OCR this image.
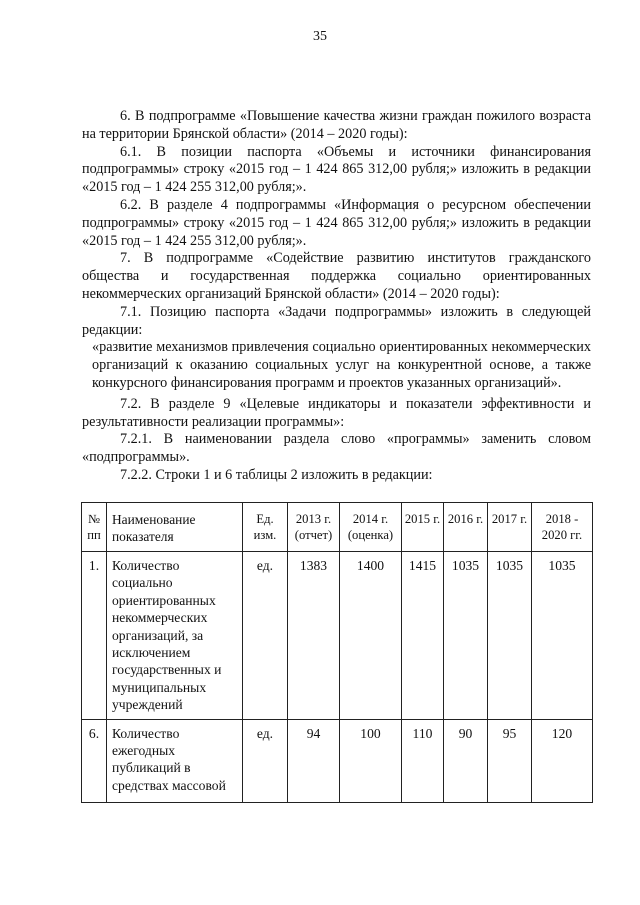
35

6. В подпрограмме «Повышение качества жизни граждан пожилого возраста на территории Брянской области» (2014 – 2020 годы):

6.1. В позиции паспорта «Объемы и источники финансирования подпрограммы» строку «2015 год – 1 424 865 312,00 рубля;» изложить в редакции «2015 год – 1 424 255 312,00 рубля;».

6.2. В разделе 4 подпрограммы «Информация о ресурсном обеспечении подпрограммы» строку «2015 год – 1 424 865 312,00 рубля;» изложить в редакции «2015 год – 1 424 255 312,00 рубля;».

7. В подпрограмме «Содействие развитию институтов гражданского общества и государственная поддержка социально ориентированных некоммерческих организаций Брянской области» (2014 – 2020 годы):

7.1. Позицию паспорта «Задачи подпрограммы» изложить в следующей редакции:

«развитие механизмов привлечения социально ориентированных некоммерческих организаций к оказанию социальных услуг на конкурентной основе, а также конкурсного финансирования программ и проектов указанных организаций».

7.2. В разделе 9 «Целевые индикаторы и показатели эффективности и результативности реализации программы»:

7.2.1. В наименовании раздела слово «программы» заменить словом «подпрограммы».

7.2.2. Строки 1 и 6 таблицы 2 изложить в редакции:

№ пп	Наименование показателя	Ед. изм.	2013 г. (отчет)	2014 г. (оценка)	2015 г.	2016 г.	2017 г.	2018 - 2020 гг.
1.	Количество социально ориентированных некоммерческих организаций, за исключением государственных и муниципальных учреждений	ед.	1383	1400	1415	1035	1035	1035
6.	Количество ежегодных публикаций в средствах массовой	ед.	94	100	110	90	95	120
